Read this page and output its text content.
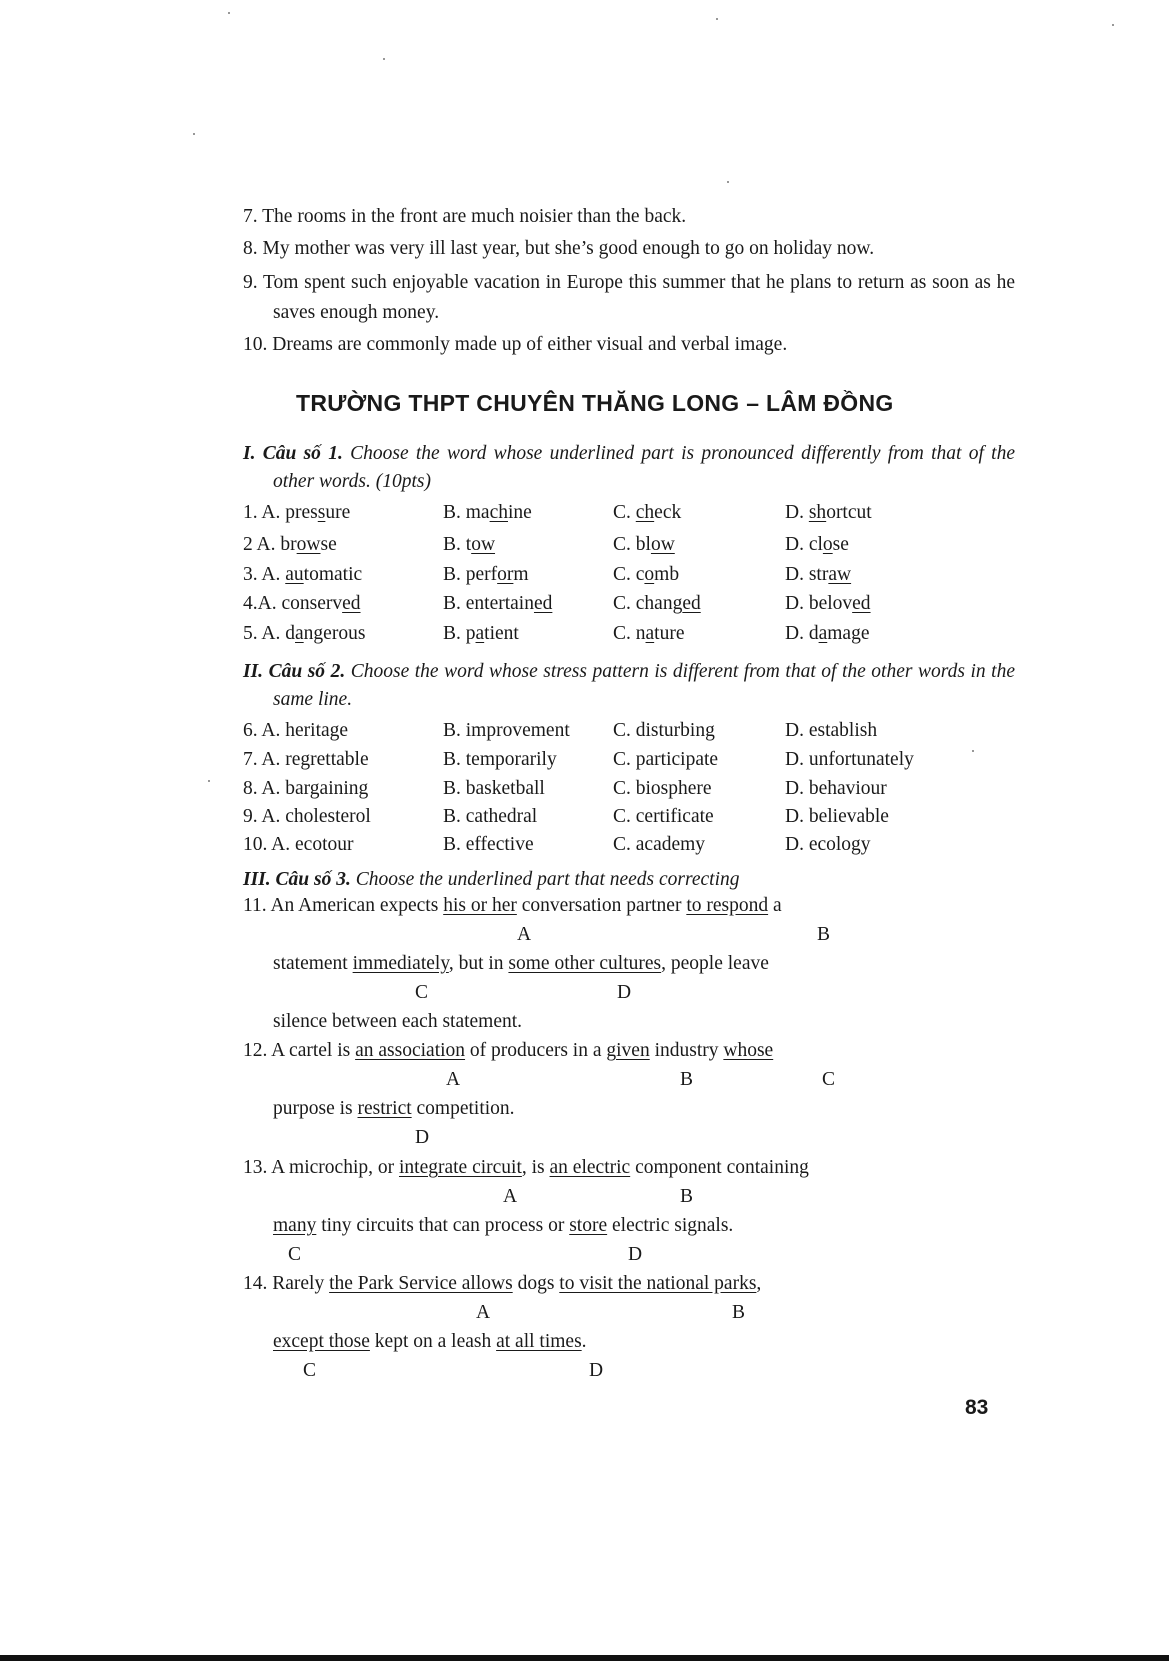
7. The rooms in the front are much noisier than the back.
8. My mother was very ill last year, but she’s good enough to go on holiday now.
9. Tom spent such enjoyable vacation in Europe this summer that he plans to return as soon as he saves enough money.
10. Dreams are commonly made up of either visual and verbal image.
TRƯỜNG THPT CHUYÊN THĂNG LONG – LÂM ĐỒNG
I. Câu số 1. Choose the word whose underlined part is pronounced differently from that of the other words. (10pts)
1. A. pressure	B. machine	C. check	D. shortcut
2 A. browse	B. tow	C. blow	D. close
3. A. automatic	B. perform	C. comb	D. straw
4.A. conserved	B. entertained	C. changed	D. beloved
5. A. dangerous	B. patient	C. nature	D. damage
II. Câu số 2. Choose the word whose stress pattern is different from that of the other words in the same line.
6. A. heritage	B. improvement C. disturbing	D. establish
7. A. regrettable	B. temporarily	C. participate	D. unfortunately
8. A. bargaining	B. basketball	C. biosphere	D. behaviour
9. A. cholesterol	B. cathedral	C. certificate	D. believable
10. A. ecotour	B. effective	C. academy	D. ecology
III. Câu số 3. Choose the underlined part that needs correcting
11. An American expects his or her conversation partner to respond a
A	B
statement immediately, but in some other cultures, people leave
C	D
silence between each statement.
12. A cartel is an association of producers in a given industry whose
A	B	C
purpose is restrict competition.
D
13. A microchip, or integrate circuit, is an electric component containing
A	B
many tiny circuits that can process or store electric signals.
C	D
14. Rarely the Park Service allows dogs to visit the national parks,
A	B
except those kept on a leash at all times.
C	D
83
